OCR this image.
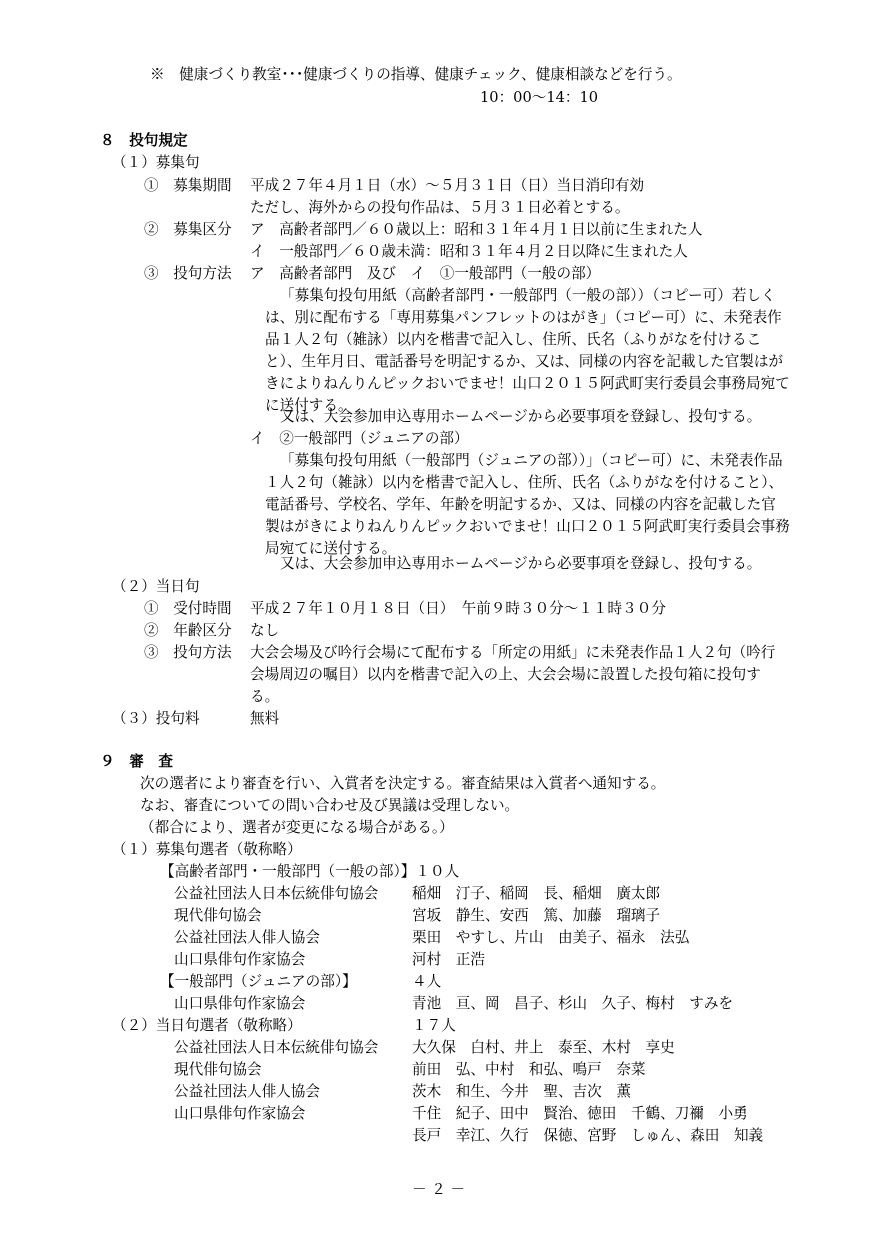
※　健康づくり教室･･･健康づくりの指導、健康チェック、健康相談などを行う。

10：00～14：10

８　投句規定

（１）募集句

①　募集期間 平成２７年４月１日（水）～５月３１日（日）当日消印有効

ただし、海外からの投句作品は、５月３１日必着とする。

②　募集区分 ア　高齢者部門／６０歳以上：昭和３１年４月１日以前に生まれた人

イ　一般部門／６０歳未満：昭和３１年４月２日以降に生まれた人

③　投句方法 ア　高齢者部門　及び　イ　①一般部門（一般の部）

「募集句投句用紙（高齢者部門・一般部門（一般の部））（コピー可）若しくは、別に配布する「専用募集パンフレットのはがき」（コピー可）に、未発表作品１人２句（雑詠）以内を楷書で記入し、住所、氏名（ふりがなを付けること）、生年月日、電話番号を明記するか、又は、同様の内容を記載した官製はがきによりねんりんピックおいでませ！山口２０１５阿武町実行委員会事務局宛てに送付する。

又は、大会参加申込専用ホームページから必要事項を登録し、投句する。

イ　②一般部門（ジュニアの部）

「募集句投句用紙（一般部門（ジュニアの部））」（コピー可）に、未発表作品１人２句（雑詠）以内を楷書で記入し、住所、氏名（ふりがなを付けること）、電話番号、学校名、学年、年齢を明記するか、又は、同様の内容を記載した官製はがきによりねんりんピックおいでませ！山口２０１５阿武町実行委員会事務局宛てに送付する。

又は、大会参加申込専用ホームページから必要事項を登録し、投句する。

（２）当日句

①　受付時間 平成２７年１０月１８日（日）　午前９時３０分～１１時３０分

②　年齢区分 なし

③　投句方法 大会会場及び吟行会場にて配布する「所定の用紙」に未発表作品１人２句（吟行会場周辺の嘱目）以内を楷書で記入の上、大会会場に設置した投句箱に投句する。

（３）投句料	無料

９　審　査

次の選者により審査を行い、入賞者を決定する。審査結果は入賞者へ通知する。

なお、審査についての問い合わせ及び異議は受理しない。

（都合により、選者が変更になる場合がある。）

（１）募集句選者（敬称略）

【高齢者部門・一般部門（一般の部）】１０人

公益社団法人日本伝統俳句協会 稲畑　汀子、稲岡　長、稲畑　廣太郎

現代俳句協会	宮坂　静生、安西　篤、加藤　瑠璃子

公益社団法人俳人協会	栗田　やすし、片山　由美子、福永　法弘

山口県俳句作家協会	河村　正浩

【一般部門（ジュニアの部）】	４人

山口県俳句作家協会	青池　亘、岡　昌子、杉山　久子、梅村　すみを

（２）当日句選者（敬称略）	１７人

公益社団法人日本伝統俳句協会 大久保　白村、井上　泰至、木村　享史

現代俳句協会	前田　弘、中村　和弘、鳴戸　奈菜

公益社団法人俳人協会	茨木　和生、今井　聖、吉次　薫

山口県俳句作家協会	千住　紀子、田中　賢治、徳田　千鶴、刀禰　小勇

長戸　幸江、久行　保徳、宮野　しゅん、森田　知義

－ ２ －
